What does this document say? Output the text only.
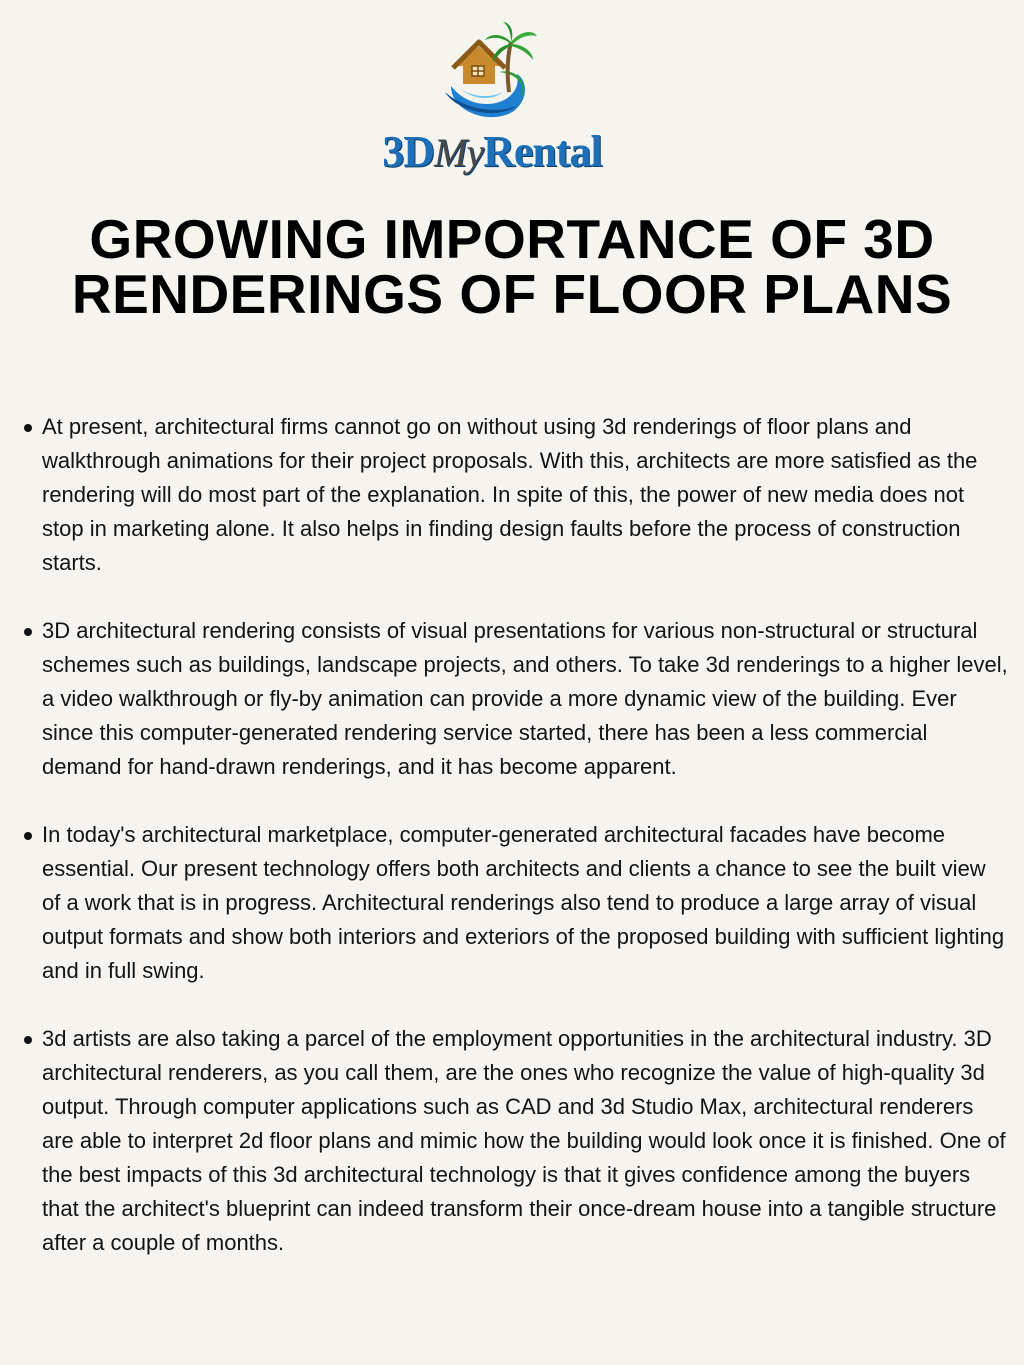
3DMyRental
GROWING IMPORTANCE OF 3D RENDERINGS OF FLOOR PLANS
At present, architectural firms cannot go on without using 3d renderings of floor plans and walkthrough animations for their project proposals. With this, architects are more satisfied as the rendering will do most part of the explanation. In spite of this, the power of new media does not stop in marketing alone. It also helps in finding design faults before the process of construction starts.
3D architectural rendering consists of visual presentations for various non-structural or structural schemes such as buildings, landscape projects, and others. To take 3d renderings to a higher level, a video walkthrough or fly-by animation can provide a more dynamic view of the building. Ever since this computer-generated rendering service started, there has been a less commercial demand for hand-drawn renderings, and it has become apparent.
In today's architectural marketplace, computer-generated architectural facades have become essential. Our present technology offers both architects and clients a chance to see the built view of a work that is in progress. Architectural renderings also tend to produce a large array of visual output formats and show both interiors and exteriors of the proposed building with sufficient lighting and in full swing.
3d artists are also taking a parcel of the employment opportunities in the architectural industry. 3D architectural renderers, as you call them, are the ones who recognize the value of high-quality 3d output. Through computer applications such as CAD and 3d Studio Max, architectural renderers are able to interpret 2d floor plans and mimic how the building would look once it is finished. One of the best impacts of this 3d architectural technology is that it gives confidence among the buyers that the architect's blueprint can indeed transform their once-dream house into a tangible structure after a couple of months.
